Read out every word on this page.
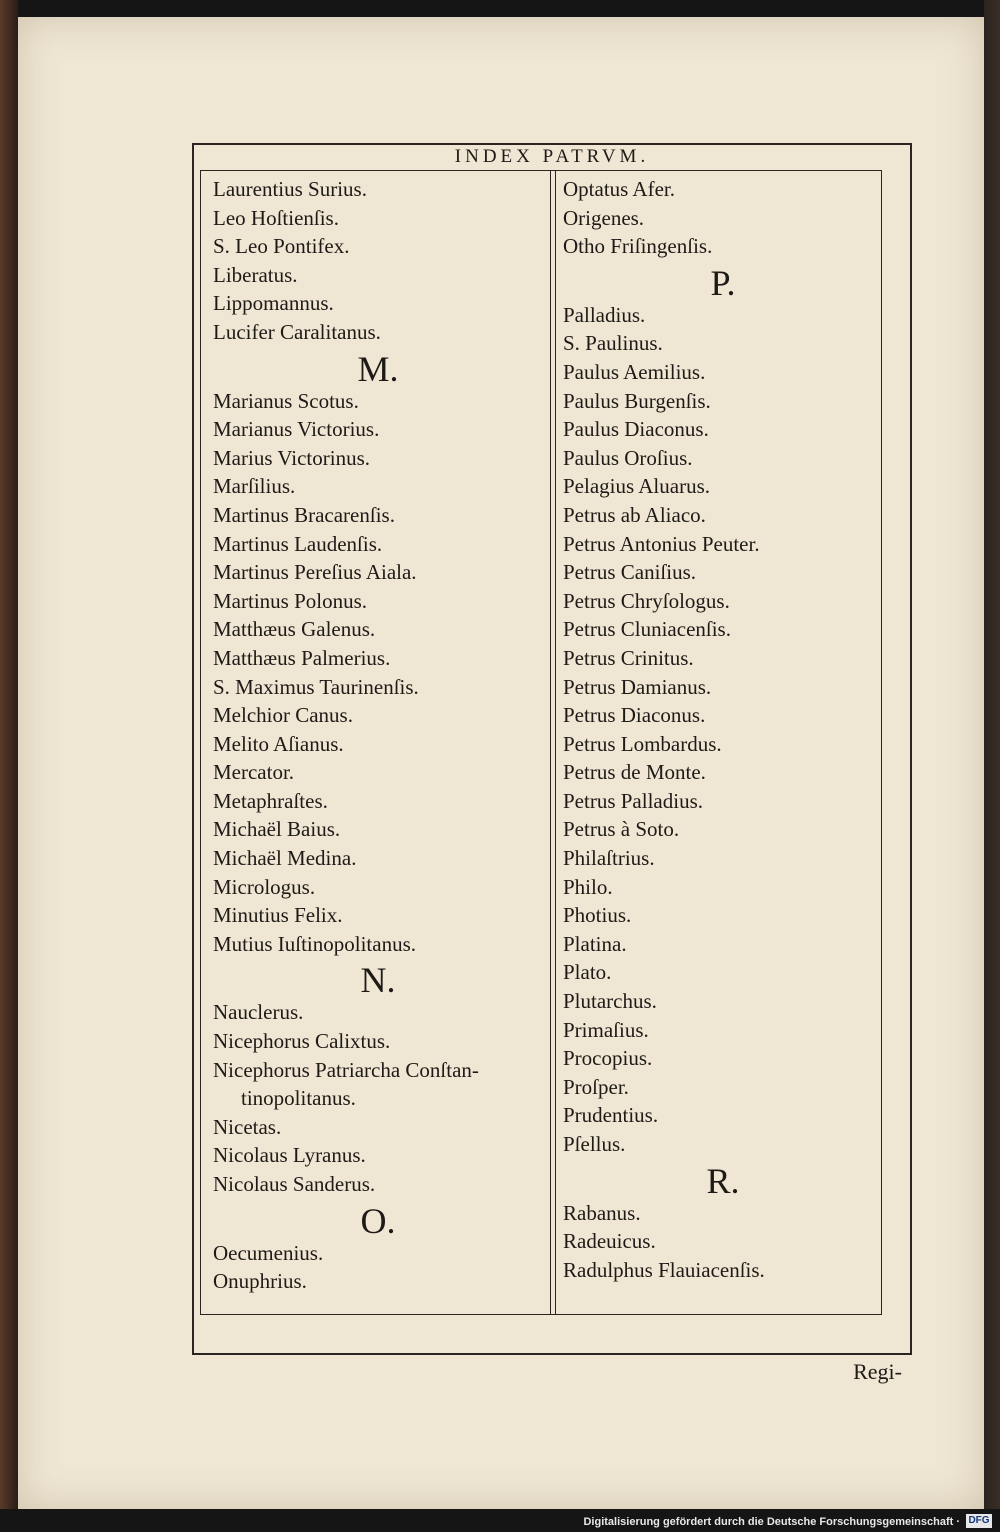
INDEX PATRVM.
Laurentius Surius.
Leo Hoſtienſis.
S. Leo Pontifex.
Liberatus.
Lippomannus.
Lucifer Caralitanus.
M.
Marianus Scotus.
Marianus Victorius.
Marius Victorinus.
Marſilius.
Martinus Bracarenſis.
Martinus Laudenſis.
Martinus Pereſius Aiala.
Martinus Polonus.
Matthæus Galenus.
Matthæus Palmerius.
S. Maximus Taurinenſis.
Melchior Canus.
Melito Aſianus.
Mercator.
Metaphraſtes.
Michaël Baius.
Michaël Medina.
Micrologus.
Minutius Felix.
Mutius Iuſtinopolitanus.
N.
Nauclerus.
Nicephorus Calixtus.
Nicephorus Patriarcha Conſtan-
tinopolitanus.
Nicetas.
Nicolaus Lyranus.
Nicolaus Sanderus.
O.
Oecumenius.
Onuphrius.
Optatus Afer.
Origenes.
Otho Friſingenſis.
P.
Palladius.
S. Paulinus.
Paulus Aemilius.
Paulus Burgenſis.
Paulus Diaconus.
Paulus Oroſius.
Pelagius Aluarus.
Petrus ab Aliaco.
Petrus Antonius Peuter.
Petrus Caniſius.
Petrus Chryſologus.
Petrus Cluniacenſis.
Petrus Crinitus.
Petrus Damianus.
Petrus Diaconus.
Petrus Lombardus.
Petrus de Monte.
Petrus Palladius.
Petrus à Soto.
Philaſtrius.
Philo.
Photius.
Platina.
Plato.
Plutarchus.
Primaſius.
Procopius.
Proſper.
Prudentius.
Pſellus.
R.
Rabanus.
Radeuicus.
Radulphus Flauiacenſis.
Regi-
Digitalisierung gefördert durch die Deutsche Forschungsgemeinschaft · DFG
